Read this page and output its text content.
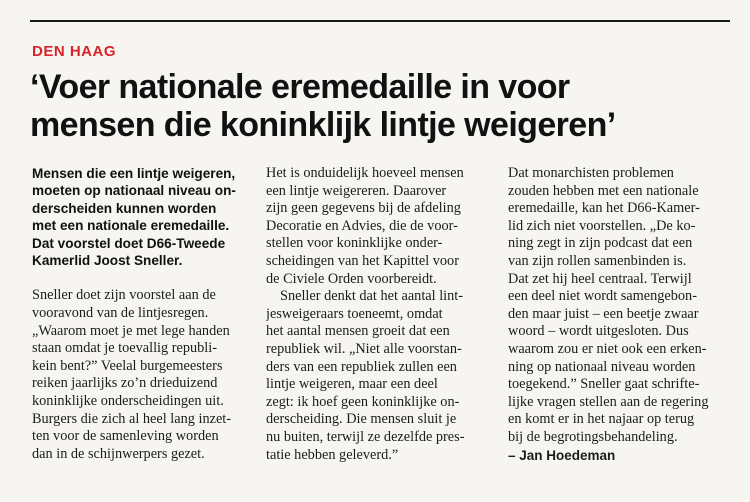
DEN HAAG
‘Voer nationale eremedaille in voor
mensen die koninklijk lintje weigeren’
Mensen die een lintje weigeren,
moeten op nationaal niveau on-
derscheiden kunnen worden
met een nationale eremedaille.
Dat voorstel doet D66-Tweede
Kamerlid Joost Sneller.
Sneller doet zijn voorstel aan de
vooravond van de lintjesregen.
„Waarom moet je met lege handen
staan omdat je toevallig republi-
kein bent?” Veelal burgemeesters
reiken jaarlijks zo’n drieduizend
koninklijke onderscheidingen uit.
Burgers die zich al heel lang inzet-
ten voor de samenleving worden
dan in de schijnwerpers gezet.
Het is onduidelijk hoeveel mensen
een lintje weigereren. Daarover
zijn geen gegevens bij de afdeling
Decoratie en Advies, die de voor-
stellen voor koninklijke onder-
scheidingen van het Kapittel voor
de Civiele Orden voorbereidt.
Sneller denkt dat het aantal lint-
jesweigeraars toeneemt, omdat
het aantal mensen groeit dat een
republiek wil. „Niet alle voorstan-
ders van een republiek zullen een
lintje weigeren, maar een deel
zegt: ik hoef geen koninklijke on-
derscheiding. Die mensen sluit je
nu buiten, terwijl ze dezelfde pres-
tatie hebben geleverd.”
Dat monarchisten problemen
zouden hebben met een nationale
eremedaille, kan het D66-Kamer-
lid zich niet voorstellen. „De ko-
ning zegt in zijn podcast dat een
van zijn rollen samenbinden is.
Dat zet hij heel centraal. Terwijl
een deel niet wordt samengebon-
den maar juist – een beetje zwaar
woord – wordt uitgesloten. Dus
waarom zou er niet ook een erken-
ning op nationaal niveau worden
toegekend.” Sneller gaat schrifte-
lijke vragen stellen aan de regering
en komt er in het najaar op terug
bij de begrotingsbehandeling.
– Jan Hoedeman
